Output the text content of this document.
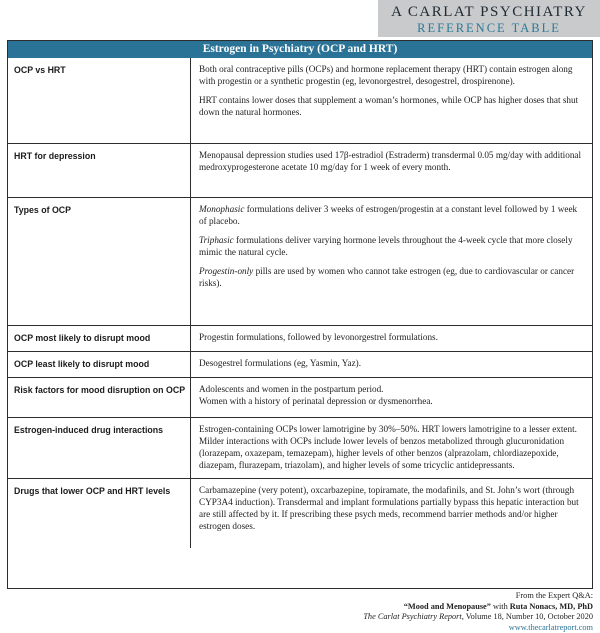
A CARLAT PSYCHIATRY
REFERENCE TABLE
Estrogen in Psychiatry (OCP and HRT)
OCP vs HRT	Both oral contraceptive pills (OCPs) and hormone replacement therapy (HRT) contain estrogen along with progestin or a synthetic progestin (eg, levonorgestrel, desogestrel, drospirenone).

HRT contains lower doses that supplement a woman’s hormones, while OCP has higher doses that shut down the natural hormones.

HRT for depression	Menopausal depression studies used 17β-estradiol (Estraderm) transdermal 0.05 mg/day with additional medroxyprogesterone acetate 10 mg/day for 1 week of every month.

Types of OCP	Monophasic formulations deliver 3 weeks of estrogen/progestin at a constant level followed by 1 week of placebo.

Triphasic formulations deliver varying hormone levels throughout the 4-week cycle that more closely mimic the natural cycle.

Progestin-only pills are used by women who cannot take estrogen (eg, due to cardiovascular or cancer risks).

OCP most likely to disrupt mood	Progestin formulations, followed by levonorgestrel formulations.

OCP least likely to disrupt mood	Desogestrel formulations (eg, Yasmin, Yaz).

Risk factors for mood disruption on OCP	Adolescents and women in the postpartum period.
Women with a history of perinatal depression or dysmenorrhea.

Estrogen-induced drug interactions	Estrogen-containing OCPs lower lamotrigine by 30%–50%. HRT lowers lamotrigine to a lesser extent. Milder interactions with OCPs include lower levels of benzos metabolized through glucuronidation (lorazepam, oxazepam, temazepam), higher levels of other benzos (alprazolam, chlordiazepoxide, diazepam, flurazepam, triazolam), and higher levels of some tricyclic antidepressants.

Drugs that lower OCP and HRT levels	Carbamazepine (very potent), oxcarbazepine, topiramate, the modafinils, and St. John’s wort (through CYP3A4 induction). Transdermal and implant formulations partially bypass this hepatic interaction but are still affected by it. If prescribing these psych meds, recommend barrier methods and/or higher estrogen doses.

From the Expert Q&A:
“Mood and Menopause” with Ruta Nonacs, MD, PhD
The Carlat Psychiatry Report, Volume 18, Number 10, October 2020
www.thecarlatreport.com
